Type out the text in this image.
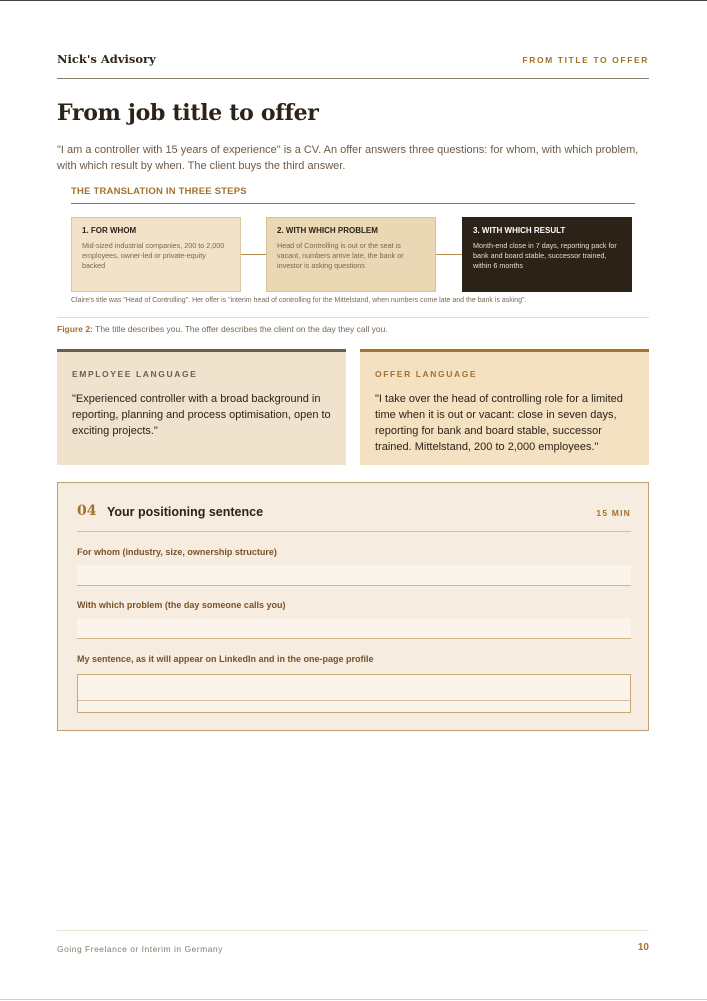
Nick's Advisory	FROM TITLE TO OFFER
From job title to offer

"I am a controller with 15 years of experience" is a CV. An offer answers three questions: for whom, with which problem, with which result by when. The client buys the third answer.

THE TRANSLATION IN THREE STEPS
1. FOR WHOM
Mid-sized industrial companies, 200 to 2,000 employees, owner-led or private-equity backed
2. WITH WHICH PROBLEM
Head of Controlling is out or the seat is vacant, numbers arrive late, the bank or investor is asking questions
3. WITH WHICH RESULT
Month-end close in 7 days, reporting pack for bank and board stable, successor trained, within 6 months
Claire's title was "Head of Controlling". Her offer is "interim head of controlling for the Mittelstand, when numbers come late and the bank is asking".
Figure 2: The title describes you. The offer describes the client on the day they call you.
EMPLOYEE LANGUAGE
"Experienced controller with a broad background in reporting, planning and process optimisation, open to exciting projects."
OFFER LANGUAGE
"I take over the head of controlling role for a limited time when it is out or vacant: close in seven days, reporting for bank and board stable, successor trained. Mittelstand, 200 to 2,000 employees."
04 Your positioning sentence	15 MIN
For whom (industry, size, ownership structure)
With which problem (the day someone calls you)
My sentence, as it will appear on LinkedIn and in the one-page profile
Going Freelance or Interim in Germany	10
